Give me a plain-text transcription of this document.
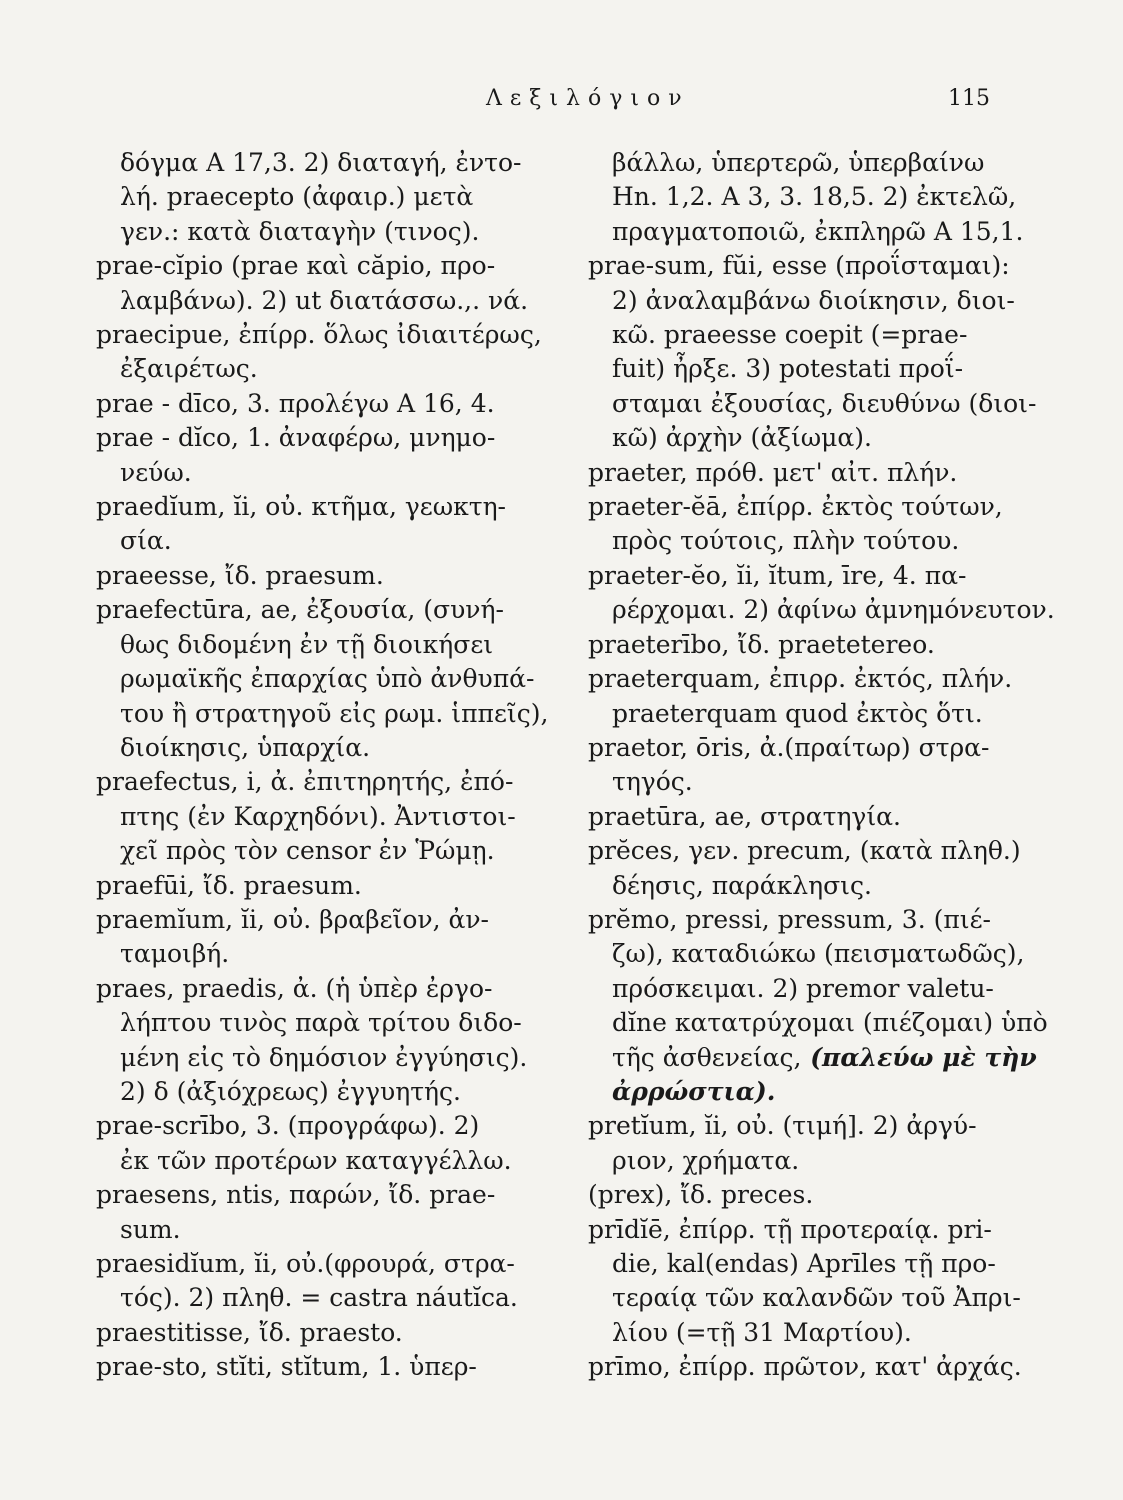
Λεξιλόγιον	115
δόγμα Α 17,3. 2) διαταγή, ἐντο-
λή. praecepto (ἀφαιρ.) μετὰ
γεν.: κατὰ διαταγὴν (τινος).
prae-cĭpio (prae καὶ căpio, προ-
λαμβάνω). 2) ut διατάσσω.,. νά.
praecipue, ἐπίρρ. ὅλως ἰδιαιτέρως,
ἐξαιρέτως.
prae - dīco, 3. προλέγω Α 16, 4.
prae - dĭco, 1. ἀναφέρω, μνημο-
νεύω.
praedĭum, ĭi, οὐ. κτῆμα, γεωκτη-
σία.
praeesse, ἴδ. praesum.
praefectūra, ae, ἐξουσία, (συνή-
θως διδομένη ἐν τῇ διοικήσει
ρωμαϊκῆς ἐπαρχίας ὑπὸ ἀνθυπά-
του ἢ στρατηγοῦ εἰς ρωμ. ἱππεῖς),
διοίκησις, ὑπαρχία.
praefectus, i, ἀ. ἐπιτηρητής, ἐπό-
πτης (ἐν Καρχηδόνι). Ἀντιστοι-
χεῖ πρὸς τὸν censor ἐν Ῥώμῃ.
praefūi, ἴδ. praesum.
praemĭum, ĭi, οὐ. βραβεῖον, ἀν-
ταμοιβή.
praes, praedis, ἀ. (ἡ ὑπὲρ ἐργο-
λήπτου τινὸς παρὰ τρίτου διδο-
μένη εἰς τὸ δημόσιον ἐγγύησις).
2) δ (ἀξιόχρεως) ἐγγυητής.
prae-scrībo, 3. (προγράφω). 2)
ἐκ τῶν προτέρων καταγγέλλω.
praesens, ntis, παρών, ἴδ. prae-
sum.
praesidĭum, ĭi, οὐ.(φρουρά, στρα-
τός). 2) πληθ. = castra náutĭca.
praestitisse, ἴδ. praesto.
prae-sto, stĭti, stĭtum, 1. ὑπερ-
βάλλω, ὑπερτερῶ, ὑπερβαίνω
Ηn. 1,2. Α 3, 3. 18,5. 2) ἐκτελῶ,
πραγματοποιῶ, ἐκπληρῶ Α 15,1.
prae-sum, fŭi, esse (προΐσταμαι):
2) ἀναλαμβάνω διοίκησιν, διοι-
κῶ. praeesse coepit (=prae-
fuit) ἦρξε. 3) potestati προΐ-
σταμαι ἐξουσίας, διευθύνω (διοι-
κῶ) ἀρχὴν (ἀξίωμα).
praeter, πρόθ. μετ' αἰτ. πλήν.
praeter-ĕā, ἐπίρρ. ἐκτὸς τούτων,
πρὸς τούτοις, πλὴν τούτου.
praeter-ĕo, ĭi, ĭtum, īre, 4. πα-
ρέρχομαι. 2) ἀφίνω ἀμνημόνευτον.
praeterībo, ἴδ. praetetereo.
praeterquam, ἐπιρρ. ἐκτός, πλήν.
praeterquam quod ἐκτὸς ὅτι.
praetor, ōris, ἀ.(πραίτωρ) στρα-
τηγός.
praetūra, ae, στρατηγία.
prĕces, γεν. precum, (κατὰ πληθ.)
δέησις, παράκλησις.
prĕmo, pressi, pressum, 3. (πιέ-
ζω), καταδιώκω (πεισματωδῶς),
πρόσκειμαι. 2) premor valetu-
dĭne κατατρύχομαι (πιέζομαι) ὑπὸ
τῆς ἀσθενείας, (παλεύω μὲ τὴν
ἀρρώστια).
pretĭum, ĭi, οὐ. (τιμή]. 2) ἀργύ-
ριον, χρήματα.
(prex), ἴδ. preces.
prīdĭē, ἐπίρρ. τῇ προτεραίᾳ. pri-
die, kal(endas) Aprīles τῇ προ-
τεραίᾳ τῶν καλανδῶν τοῦ Ἀπρι-
λίου (=τῇ 31 Μαρτίου).
prīmo, ἐπίρρ. πρῶτον, κατ' ἀρχάς.
